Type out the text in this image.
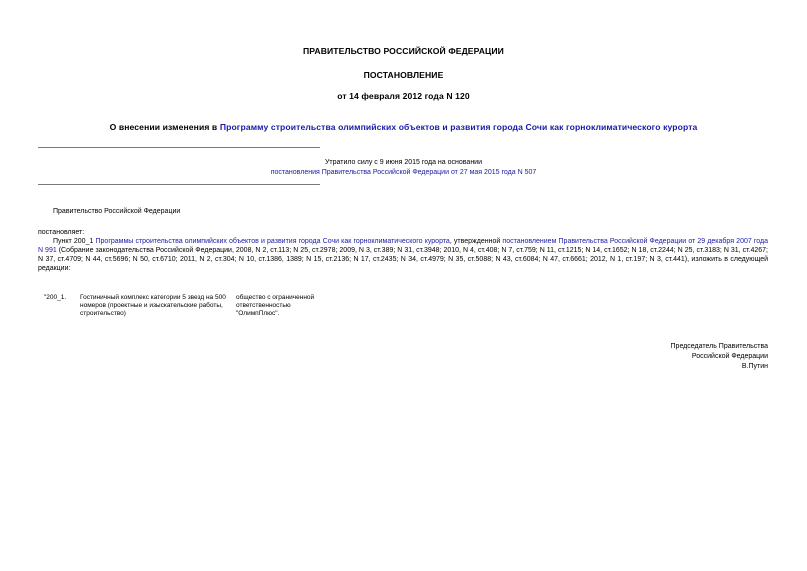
ПРАВИТЕЛЬСТВО РОССИЙСКОЙ ФЕДЕРАЦИИ
ПОСТАНОВЛЕНИЕ
от 14 февраля 2012 года N 120
О внесении изменения в Программу строительства олимпийских объектов и развития города Сочи как горноклиматического курорта
Утратило силу с 9 июня 2015 года на основании
постановления Правительства Российской Федерации от 27 мая 2015 года N 507
Правительство Российской Федерации
постановляет:
Пункт 200_1 Программы строительства олимпийских объектов и развития города Сочи как горноклиматического курорта, утвержденной постановлением Правительства Российской Федерации от 29 декабря 2007 года N 991 (Собрание законодательства Российской Федерации, 2008, N 2, ст.113; N 25, ст.2978; 2009, N 3, ст.389; N 31, ст.3948; 2010, N 4, ст.408; N 7, ст.759; N 11, ст.1215; N 14, ст.1652; N 18, ст.2244; N 25, ст.3183; N 31, ст.4267; N 37, ст.4709; N 44, ст.5696; N 50, ст.6710; 2011, N 2, ст.304; N 10, ст.1386, 1389; N 15, ст.2136; N 17, ст.2435; N 34, ст.4979; N 35, ст.5088; N 43, ст.6084; N 47, ст.6661; 2012, N 1, ст.197; N 3, ст.441), изложить в следующей редакции:
"200_1.	Гостиничный комплекс категории 5 звезд на 500 номеров (проектные и изыскательские работы, строительство)
общество с ограниченной ответственностью "ОлимпПлюс".
Председатель Правительства
Российской Федерации
В.Путин
